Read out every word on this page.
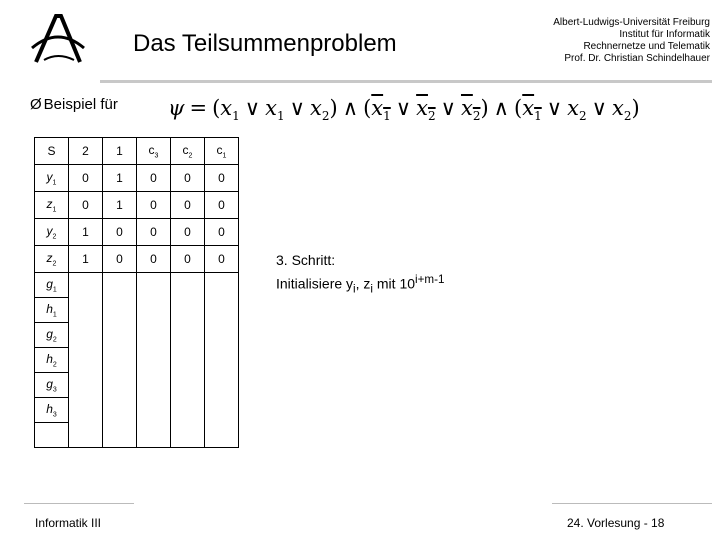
Das Teilsummenproblem
Albert-Ludwigs-Universität Freiburg
Institut für Informatik
Rechnernetze und Telematik
Prof. Dr. Christian Schindelhauer
Ø Beispiel für $\psi = (x_1$ ∨ $x_1$ ∨ $x_2$) ∧ ($x_1$ ∨ $x_2$ ∨ $x_2$) ∧ ($x_1$ ∨ $x_2$ ∨ $x_2$)
S	2	1	$c_3$	$c_2$	$c_1$
$y_1$	0	1	0	0	0
$z_1$	0	1	0	0	0
$y_2$	1	0	0	0	0
$z_2$	1	0	0	0	0
$g_1$					
$h_1$					
$g_2$					
$h_2$					
$g_3$					
$h_3$					

3. Schritt:
Initialisiere $y_i$, $z_i$ mit $10^{i+m-1}$
Informatik III	24. Vorlesung - 18
